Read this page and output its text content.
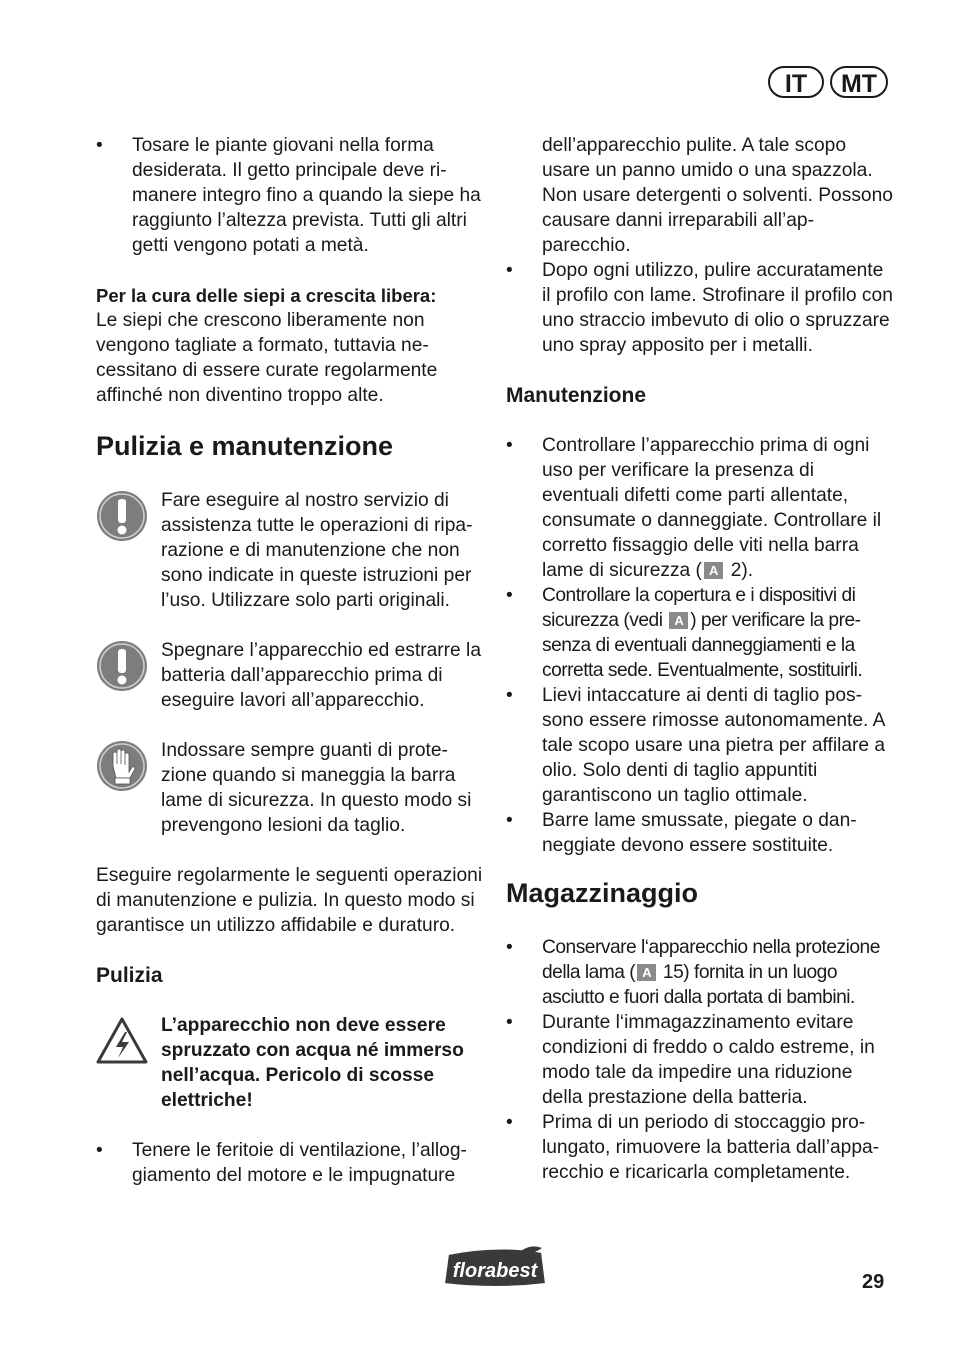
IT	MT

• Tosare le piante giovani nella forma desiderata. Il getto principale deve rimanere integro fino a quando la siepe ha raggiunto l’altezza prevista. Tutti gli altri getti vengono potati a metà.

Per la cura delle siepi a crescita libera:

Le siepi che crescono liberamente non vengono tagliate a formato, tuttavia necessitano di essere curate regolarmente affinché non diventino troppo alte.

Pulizia e manutenzione

Fare eseguire al nostro servizio di assistenza tutte le operazioni di riparazione e di manutenzione che non sono indicate in queste istruzioni per l’uso. Utilizzare solo parti originali.

Spegnare l’apparecchio ed estrarre la batteria dall’apparecchio prima di eseguire lavori all’apparecchio.

Indossare sempre guanti di protezione quando si maneggia la barra lame di sicurezza. In questo modo si prevengono lesioni da taglio.

Eseguire regolarmente le seguenti operazioni di manutenzione e pulizia. In questo modo si garantisce un utilizzo affidabile e duraturo.

Pulizia

L’apparecchio non deve essere spruzzato con acqua né immerso nell’acqua. Pericolo di scosse elettriche!

• Tenere le feritoie di ventilazione, l’alloggiamento del motore e le impugnature

dell’apparecchio pulite. A tale scopo usare un panno umido o una spazzola. Non usare detergenti o solventi. Possono causare danni irreparabili all’apparecchio.

• Dopo ogni utilizzo, pulire accuratamente il profilo con lame. Strofinare il profilo con uno straccio imbevuto di olio o spruzzare uno spray apposito per i metalli.

Manutenzione

• Controllare l’apparecchio prima di ogni uso per verificare la presenza di eventuali difetti come parti allentate, consumate o danneggiate. Controllare il corretto fissaggio delle viti nella barra lame di sicurezza ( A 2).

• Controllare la copertura e i dispositivi di sicurezza (vedi A ) per verificare la presenza di eventuali danneggiamenti e la corretta sede. Eventualmente, sostituirli.

• Lievi intaccature ai denti di taglio possono essere rimosse autonomamente. A tale scopo usare una pietra per affilare a olio. Solo denti di taglio appuntiti garantiscono un taglio ottimale.

• Barre lame smussate, piegate o danneggiate devono essere sostituite.

Magazzinaggio

• Conservare l‘apparecchio nella protezione della lama ( A 15) fornita in un luogo asciutto e fuori dalla portata di bambini.

• Durante l‘immagazzinamento evitare condizioni di freddo o caldo estreme, in modo tale da impedire una riduzione della prestazione della batteria.

• Prima di un periodo di stoccaggio prolungato, rimuovere la batteria dall’apparecchio e ricaricarla completamente.

florabest	29
